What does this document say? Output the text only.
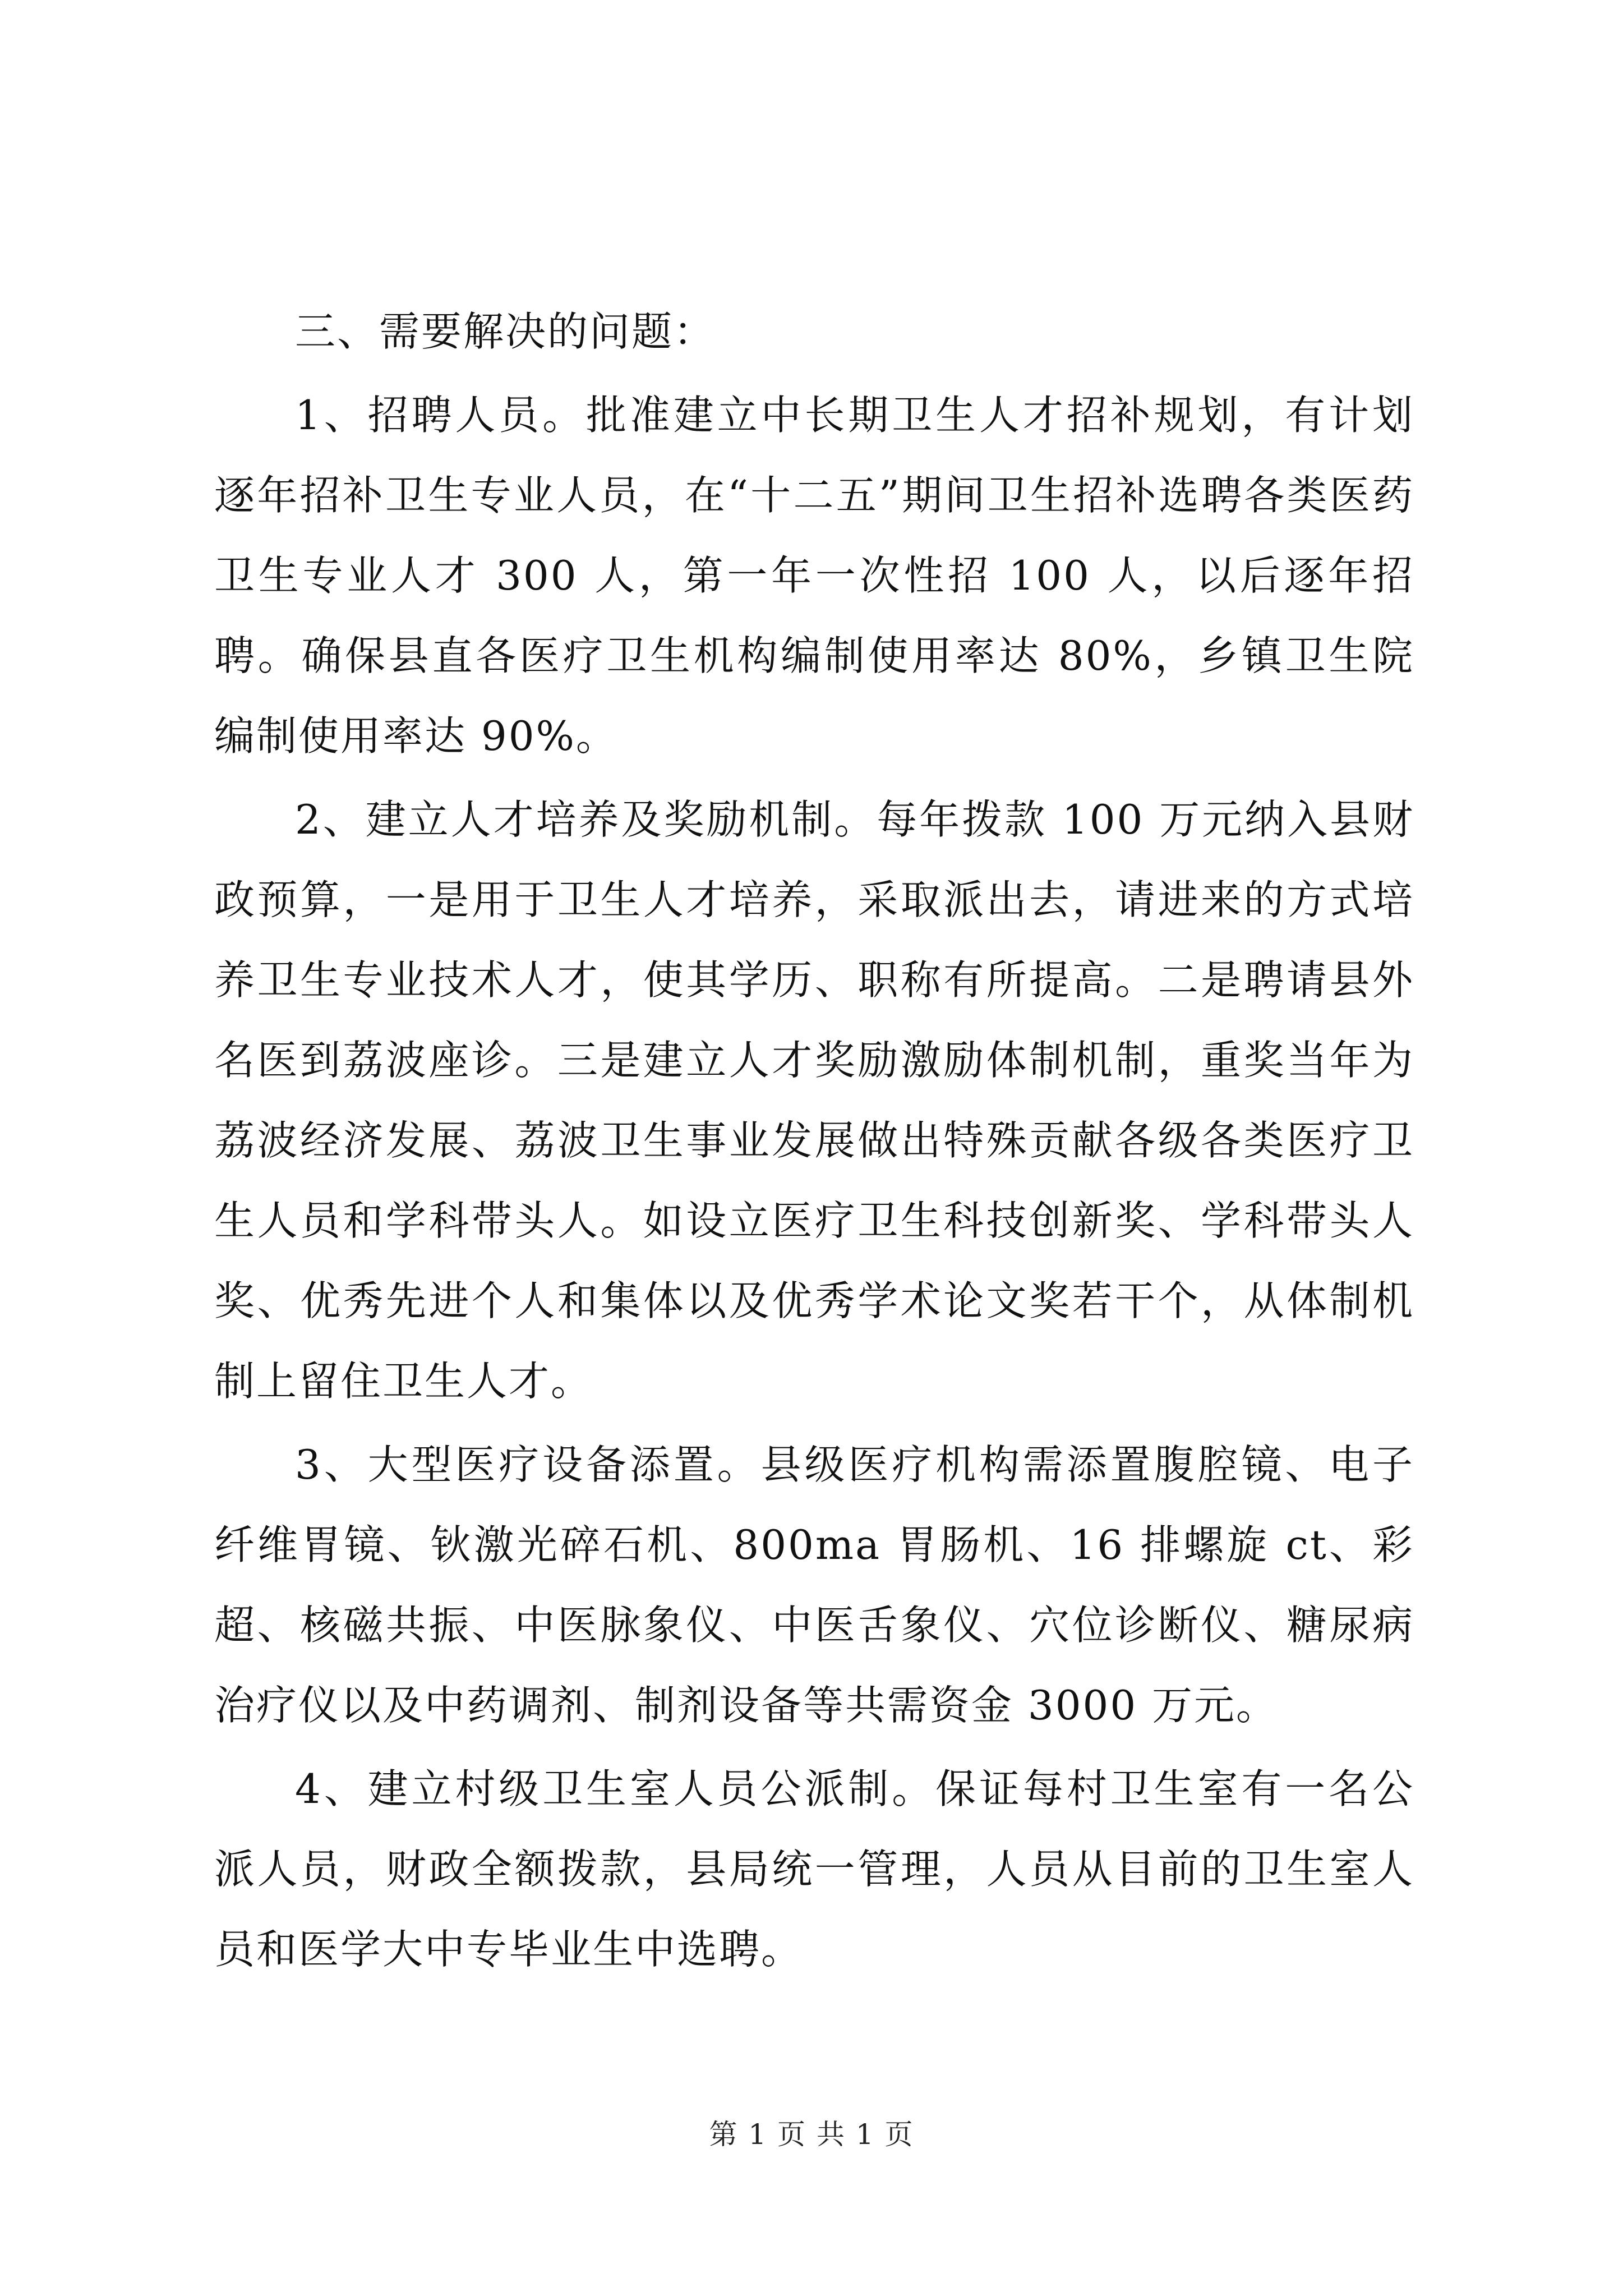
三、需要解决的问题：

1、招聘人员。批准建立中长期卫生人才招补规划，有计划逐年招补卫生专业人员，在“十二五”期间卫生招补选聘各类医药卫生专业人才 300 人，第一年一次性招 100 人，以后逐年招聘。确保县直各医疗卫生机构编制使用率达 80%，乡镇卫生院编制使用率达 90%。

2、建立人才培养及奖励机制。每年拨款 100 万元纳入县财政预算，一是用于卫生人才培养，采取派出去，请进来的方式培养卫生专业技术人才，使其学历、职称有所提高。二是聘请县外名医到荔波座诊。三是建立人才奖励激励体制机制，重奖当年为荔波经济发展、荔波卫生事业发展做出特殊贡献各级各类医疗卫生人员和学科带头人。如设立医疗卫生科技创新奖、学科带头人奖、优秀先进个人和集体以及优秀学术论文奖若干个，从体制机制上留住卫生人才。

3、大型医疗设备添置。县级医疗机构需添置腹腔镜、电子纤维胃镜、钬激光碎石机、800ma 胃肠机、16 排螺旋 ct、彩超、核磁共振、中医脉象仪、中医舌象仪、穴位诊断仪、糖尿病治疗仪以及中药调剂、制剂设备等共需资金 3000 万元。

4、建立村级卫生室人员公派制。保证每村卫生室有一名公派人员，财政全额拨款，县局统一管理，人员从目前的卫生室人员和医学大中专毕业生中选聘。

第 1 页 共 1 页
